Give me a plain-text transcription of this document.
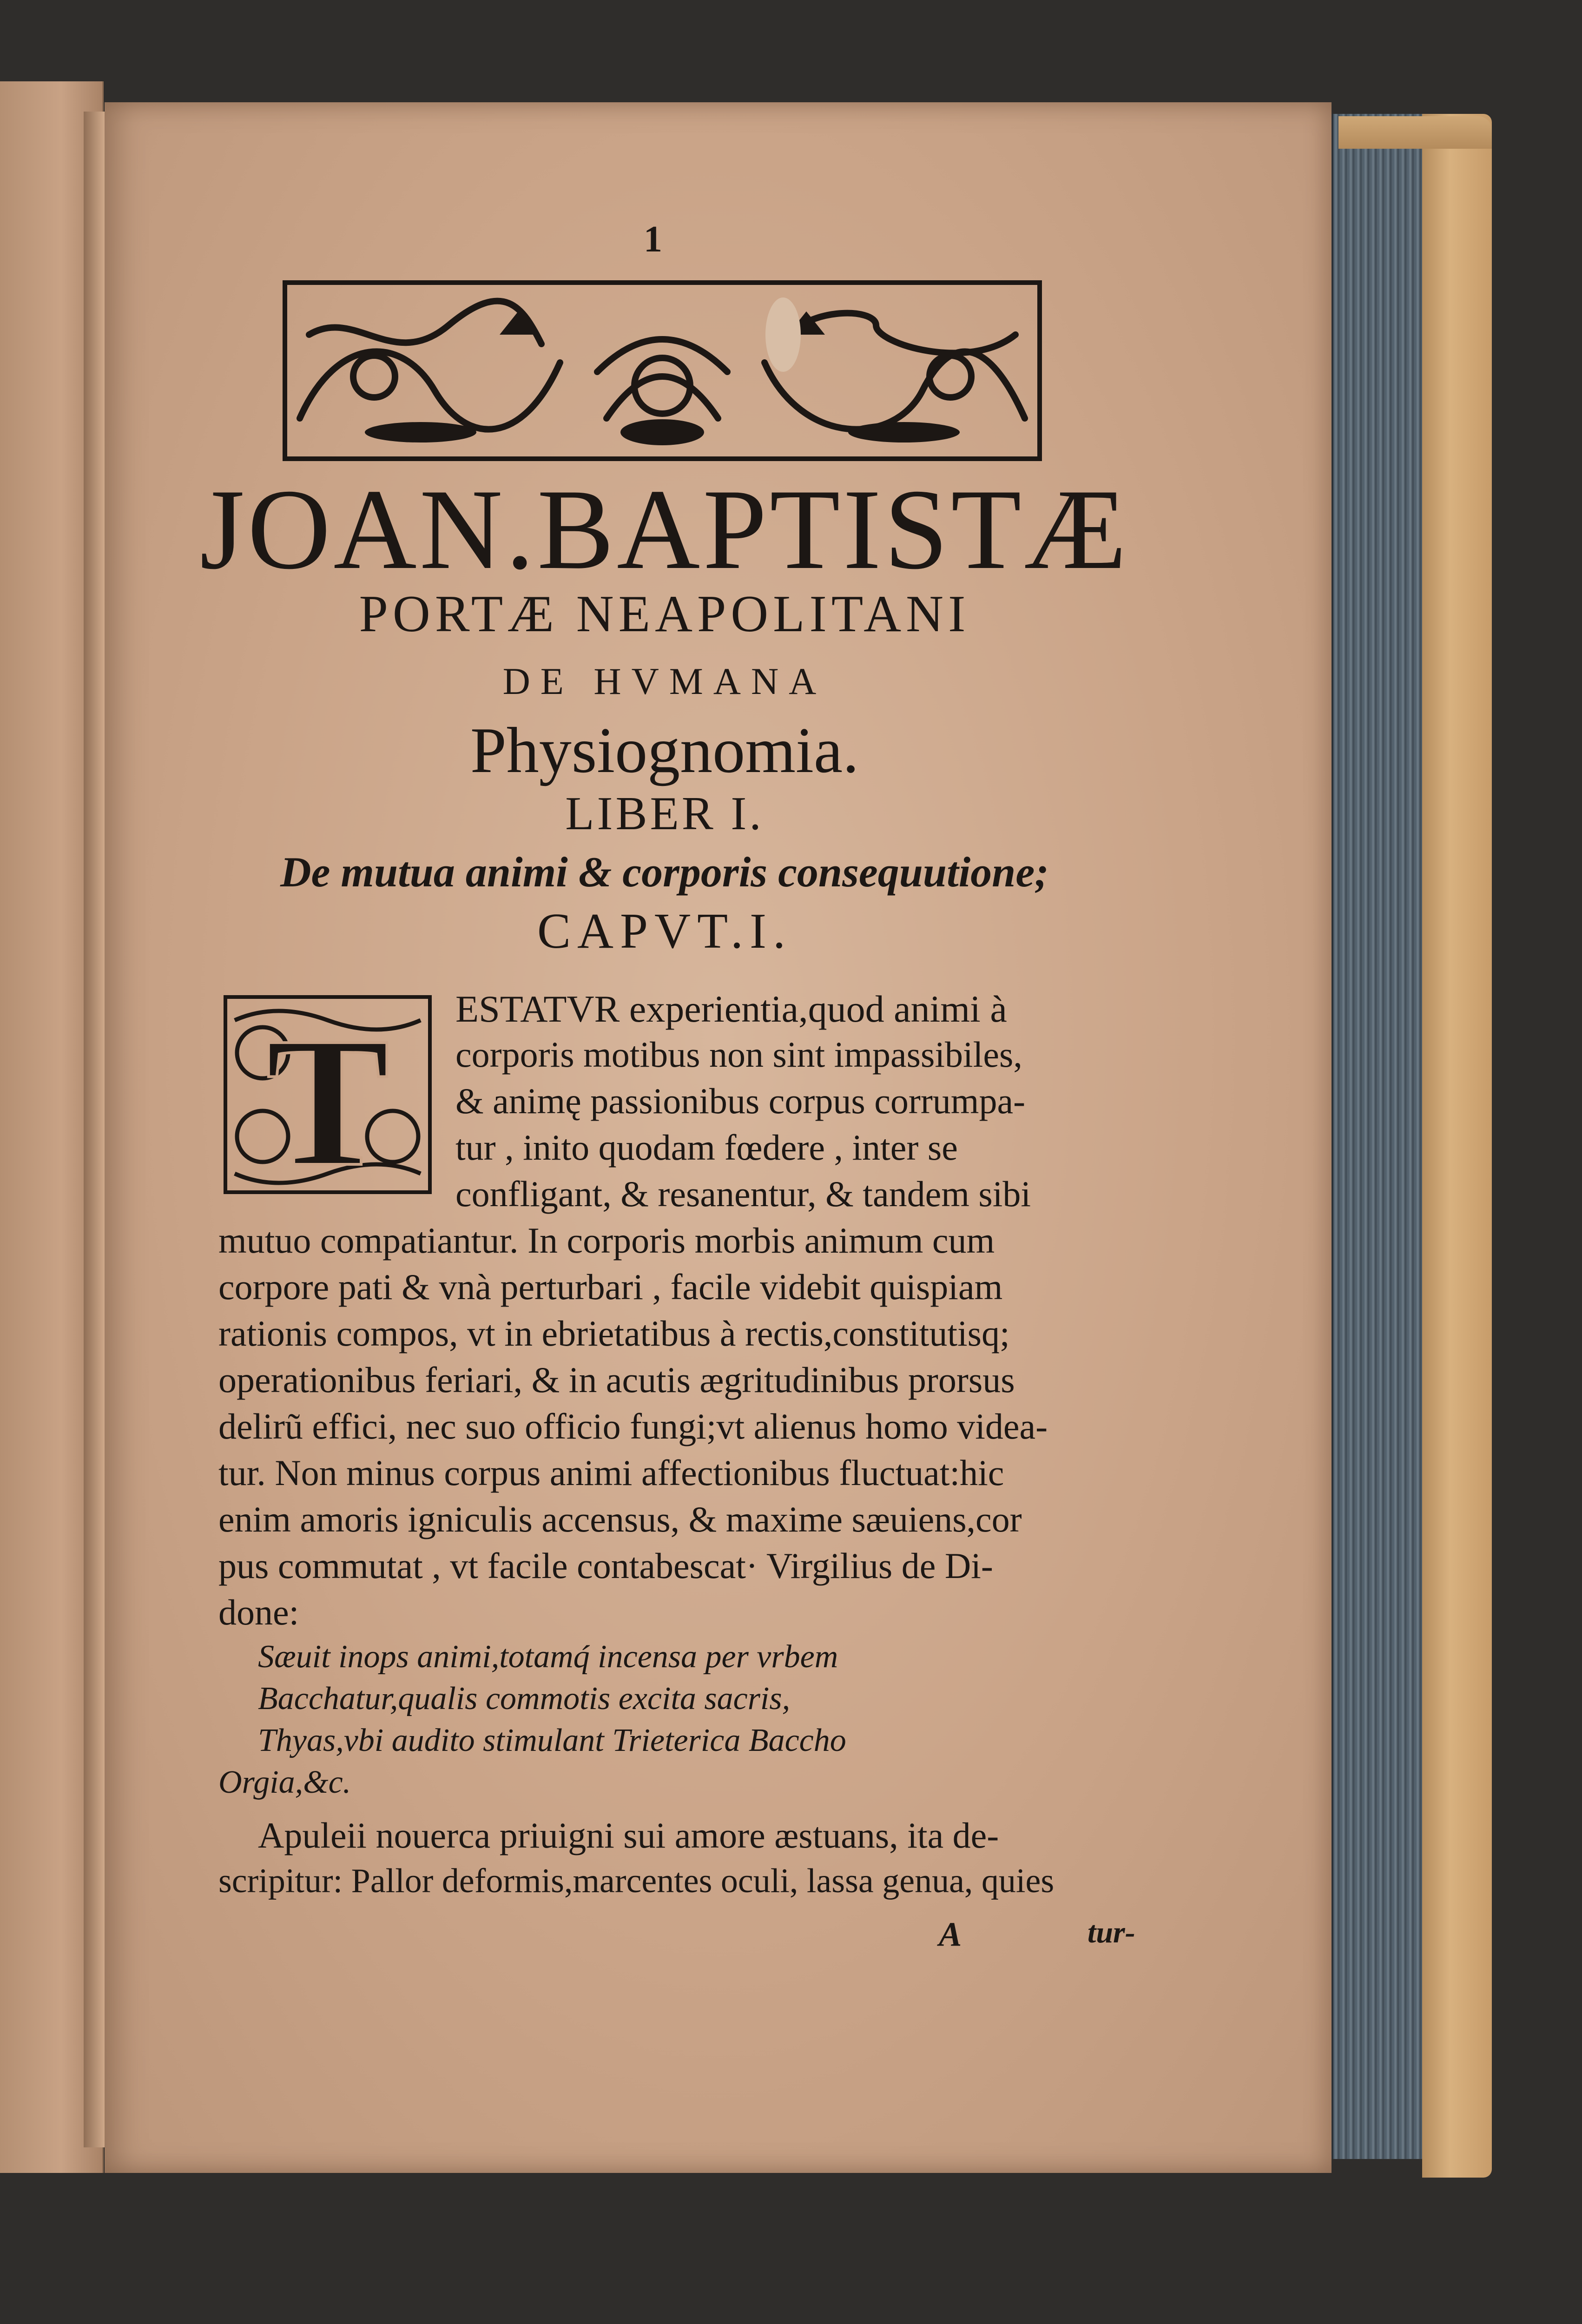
1
JOAN.BAPTISTÆ
PORTÆ NEAPOLITANI
DE HVMANA
Physiognomia.
LIBER I.
De mutua animi & corporis consequutione;
CAPVT.I.
T ESTATVR experientia,quod animi à
corporis motibus non sint impassibiles,
& animę passionibus corpus corrumpa-
tur , inito quodam fœdere , inter se
confligant, & resanentur, & tandem sibi
mutuo compatiantur. In corporis morbis animum cum
corpore pati & vnà perturbari , facile videbit quispiam
rationis compos, vt in ebrietatibus à rectis,constitutisq;
operationibus feriari, & in acutis ægritudinibus prorsus
delirũ effici, nec suo officio fungi;vt alienus homo videa-
tur. Non minus corpus animi affectionibus fluctuat:hic
enim amoris igniculis accensus, & maxime sæuiens,cor
pus commutat , vt facile contabescat· Virgilius de Di-
done:
Sæuit inops animi,totamq́ incensa per vrbem
Bacchatur,qualis commotis excita sacris,
Thyas,vbi audito stimulant Trieterica Baccho
Orgia,&c.
Apuleii nouerca priuigni sui amore æstuans, ita de-
scripitur: Pallor deformis,marcentes oculi, lassa genua, quies
A	tur-
